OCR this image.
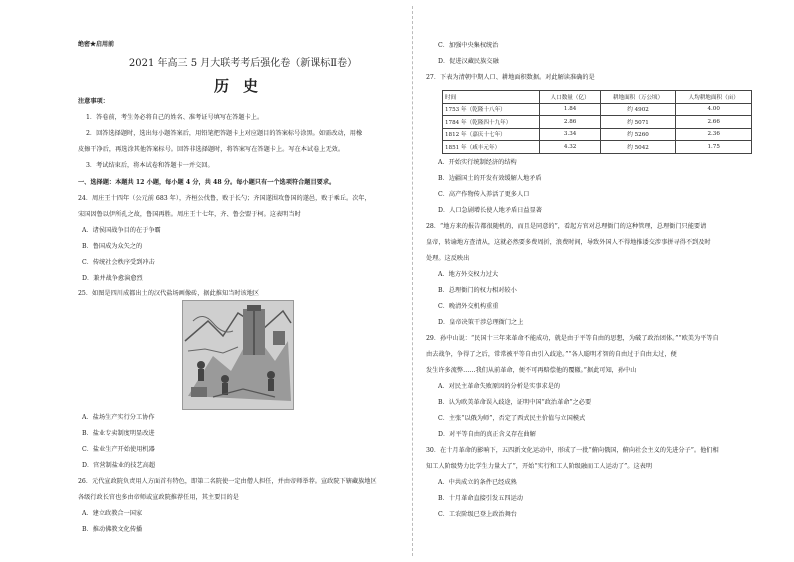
绝密★启用前
2021 年高三 5 月大联考考后强化卷（新课标Ⅱ卷）
历史
注意事项：
1．答卷前，考生务必将自己的姓名、准考证号填写在答题卡上。
2．回答选择题时，选出每小题答案后，用铅笔把答题卡上对应题目的答案标号涂黑。如需改动，用橡
皮擦干净后，再选涂其他答案标号。回答非选择题时，将答案写在答题卡上。写在本试卷上无效。
3．考试结束后，将本试卷和答题卡一并交回。
一、选择题：本题共 12 小题，每小题 4 分，共 48 分。每小题只有一个选项符合题目要求。
24．周庄王十四年（公元前 683 年），齐桓公伐鲁，败于长勺；齐国遂围攻鲁国的遂邑，败于乘丘。次年，
宋国因鲁以伊所孔之故，鲁国再胜。周庄王十七年，齐、鲁会盟于柯。这表明当时
A．诸侯国战争目的在于争霸
B．鲁国成为众矢之的
C．传统社会秩序受到冲击
D．兼并战争愈演愈烈
25．如图是四川成都出土的汉代盐场画像砖，据此推知当时该地区
A．盐场生产实行分工协作
B．盐业专卖制度明显改进
C．盐业生产开始使用机器
D．官营制盐业的技艺高超
26．元代宣政院负责用人方面首有特色，即第二名院使一定由僧人担任，并由帝师举荐。宣政院下辖藏族地区
各级行政长官也多由帝师或宣政院推荐任用，其主要目的是
A．建立政教合一国家
B．推动佛教文化传播
C．加强中央集权统治
D．促进汉藏民族交融
27．下表为清朝中期人口、耕地面积数据。对此解读准确的是
时间	人口数量（亿）	耕地面积（万公顷）	人均耕地面积（亩）
1753 年（乾隆十八年）	1.84	约 4902	4.00
1784 年（乾隆四十九年）	2.86	约 5071	2.66
1812 年（嘉庆十七年）	3.34	约 5260	2.36
1851 年（咸丰元年）	4.32	约 5042	1.75
A．开始实行统制经济的结构
B．边疆国土的开发有效缓解人地矛盾
C．高产作物传入养活了更多人口
D．人口急剧增长使人地矛盾日益显著
28．“地方来的报告都很随机的，而且是同意的”，看起方官对总理衙门的这种管理，总理衙门只能要请
皇帝，转谕地方查清从，这就必然要多费周折，浪费时间，导致外国人不得地推诿交涉事拼寻得不到及时
处理。这反映出
A．地方外交权力过大
B．总理衙门的权力相对较小
C．晚清外交机构重重
D．皇帝决策干涉总理衙门之上
29．孙中山说：“民国十三年来革命不能成功，就是由于平等自由的思想，为破了政治团体。”“欧美为平等自
由去战争，争得了之后，常常被平等自由引入歧途。”“各人聪明才智的自由过于自由太过，便
发生许多流弊……我们从前革命，便不可再赔偿他的覆辙。”据此可知，孙中山
A．对民主革命失败原因的分析是实事求是的
B．认为欧美革命误入歧途，证明中国“政治革命”之必要
C．主张“以俄为师”，否定了西式民主价值与立国模式
D．对平等自由的真正含义存在曲解
30．在十月革命的影响下，五四新文化运动中，形成了一批“俯向俄国，俯向社会主义的先进分子”。他们相
知工人阶级势力比学生力量大了”，开始“实行和工人阶级融而工人运动了”。这表明
A．中共成立的条件已经成熟
B．十月革命直接引发五四运动
C．工农阶级已登上政治舞台
